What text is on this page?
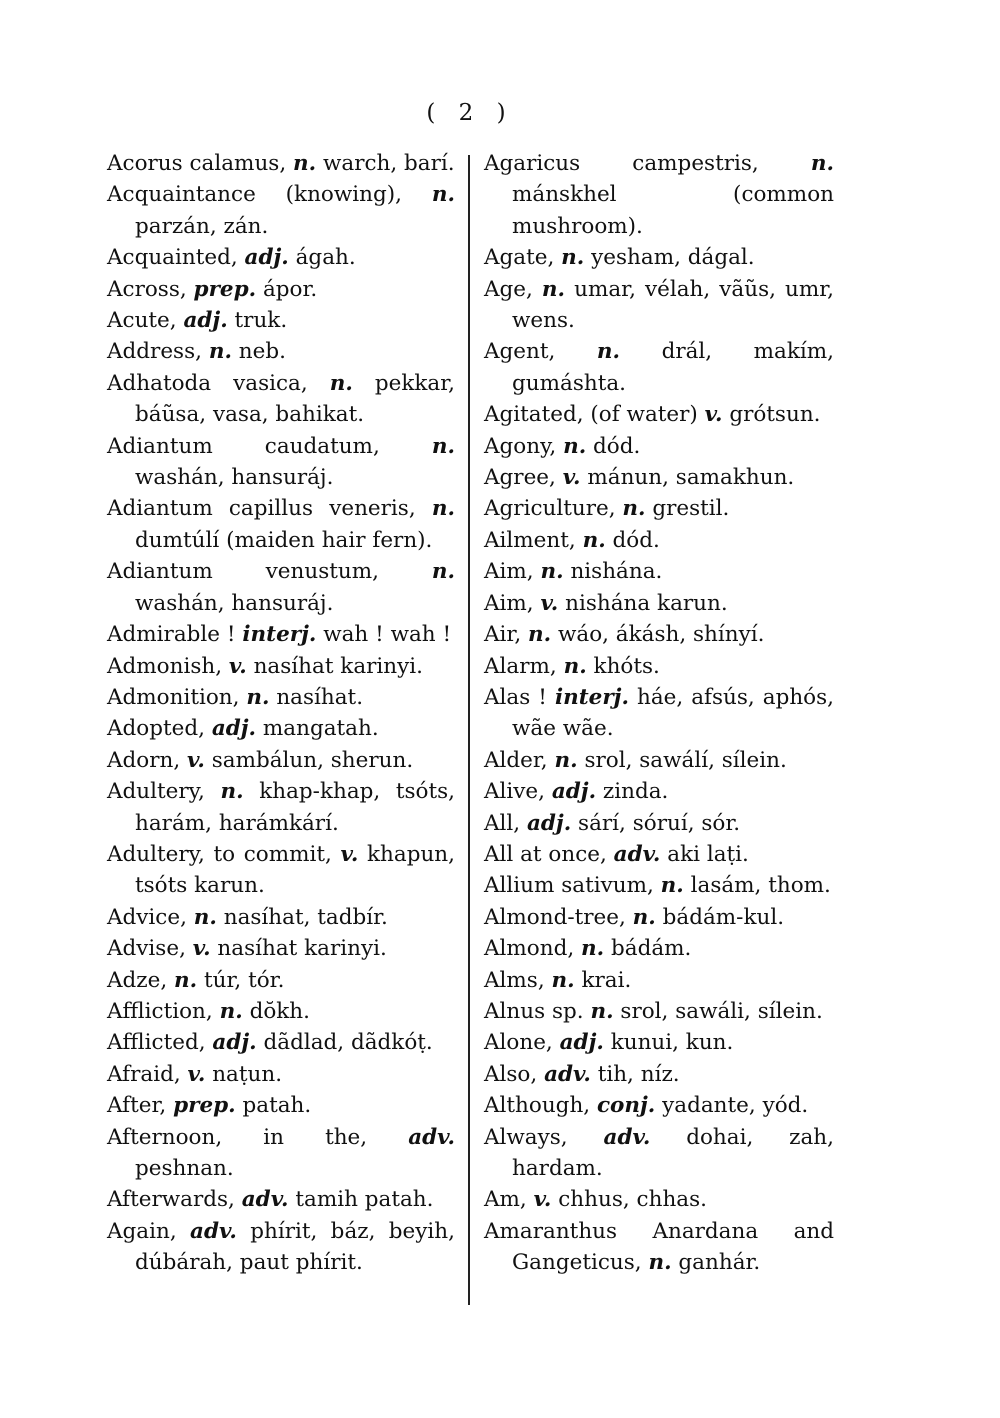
( 2 )

Acorus calamus, n. warch, barí.

Acquaintance (knowing), n. parzán, zán.

Acquainted, adj. ágah.

Across, prep. ápor.

Acute, adj. truk.

Address, n. neb.

Adhatoda vasica, n. pekkar, báũsa, vasa, bahikat.

Adiantum caudatum, n. washán, hansuráj.

Adiantum capillus veneris, n. dumtúlí (maiden hair fern).

Adiantum venustum, n. washán, hansuráj.

Admirable ! interj. wah ! wah !

Admonish, v. nasíhat karinyi.

Admonition, n. nasíhat.

Adopted, adj. mangatah.

Adorn, v. sambálun, sherun.

Adultery, n. khap-khap, tsóts, harám, harámkárí.

Adultery, to commit, v. khapun, tsóts karun.

Advice, n. nasíhat, tadbír.

Advise, v. nasíhat karinyi.

Adze, n. túr, tór.

Affliction, n. dŏkh.

Afflicted, adj. dãdlad, dãdkóṭ.

Afraid, v. naṭun.

After, prep. patah.

Afternoon, in the, adv. peshnan.

Afterwards, adv. tamih patah.

Again, adv. phírit, báz, beyih, dúbárah, paut phírit.

Agaricus campestris, n. mánskhel (common mushroom).

Agate, n. yesham, dágal.

Age, n. umar, vélah, vãũs, umr, wens.

Agent, n. drál, makím, gumáshta.

Agitated, (of water) v. grótsun.

Agony, n. dód.

Agree, v. mánun, samakhun.

Agriculture, n. grestil.

Ailment, n. dód.

Aim, n. nishána.

Aim, v. nishána karun.

Air, n. wáo, ákásh, shínyí.

Alarm, n. khóts.

Alas ! interj. háe, afsús, aphós, wãe wãe.

Alder, n. srol, sawálí, sílein.

Alive, adj. zinda.

All, adj. sárí, sóruí, sór.

All at once, adv. aki laṭi.

Allium sativum, n. lasám, thom.

Almond-tree, n. bádám-kul.

Almond, n. bádám.

Alms, n. krai.

Alnus sp. n. srol, sawáli, sílein.

Alone, adj. kunui, kun.

Also, adv. tih, níz.

Although, conj. yadante, yód.

Always, adv. dohai, zah, hardam.

Am, v. chhus, chhas.

Amaranthus Anardana and Gangeticus, n. ganhár.
